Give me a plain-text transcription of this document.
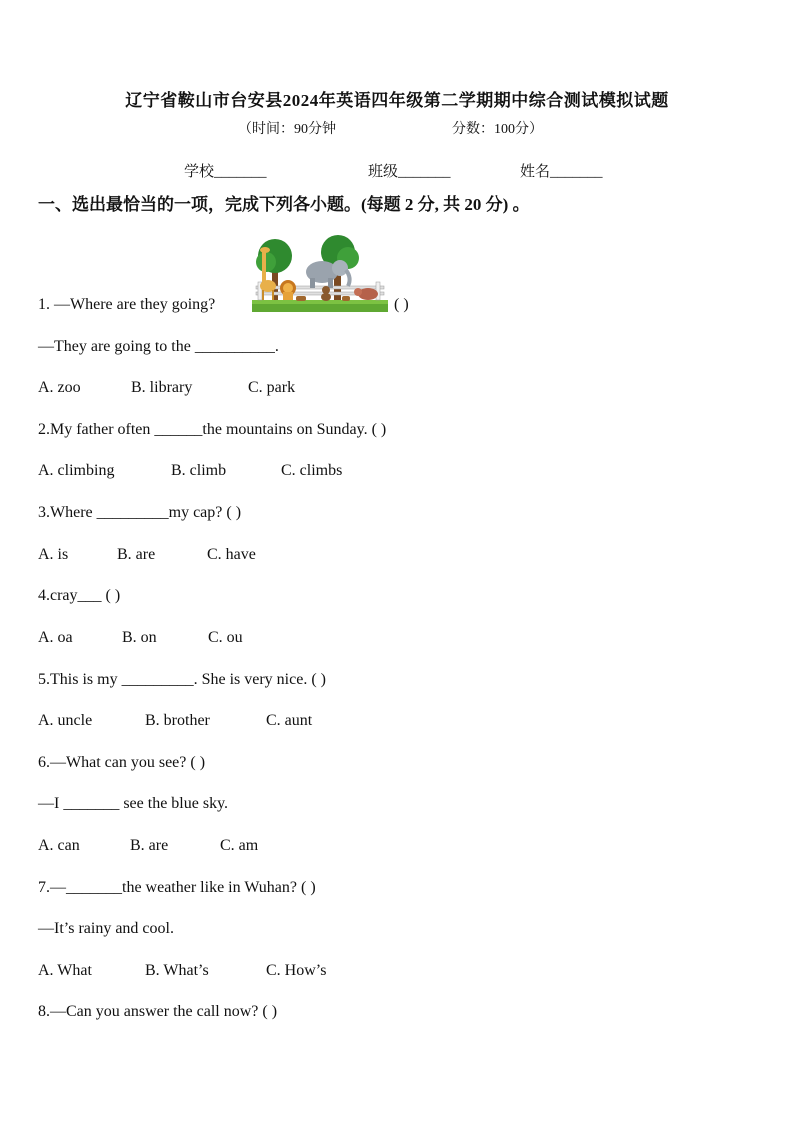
辽宁省鞍山市台安县2024年英语四年级第二学期期中综合测试模拟试题
（时间：90分钟	分数：100分）
学校_______	班级_______	姓名_______
一、选出最恰当的一项，完成下列各小题。(每题 2 分, 共 20 分) 。
1. —Where are they going?	( )
—They are going to the __________.
A. zoo	B. library	C. park
2.My father often ______the mountains on Sunday. ( )
A. climbing	B. climb	C. climbs
3.Where _________my cap? ( )
A. is	B. are	C. have
4.cray___ ( )
A. oa	B. on	C. ou
5.This is my _________. She is very nice. ( )
A. uncle	B. brother	C. aunt
6.—What can you see? ( )
—I _______ see the blue sky.
A. can	B. are	C. am
7.—_______the weather like in Wuhan? ( )
—It’s rainy and cool.
A. What	B. What’s	C. How’s
8.—Can you answer the call now? ( )
